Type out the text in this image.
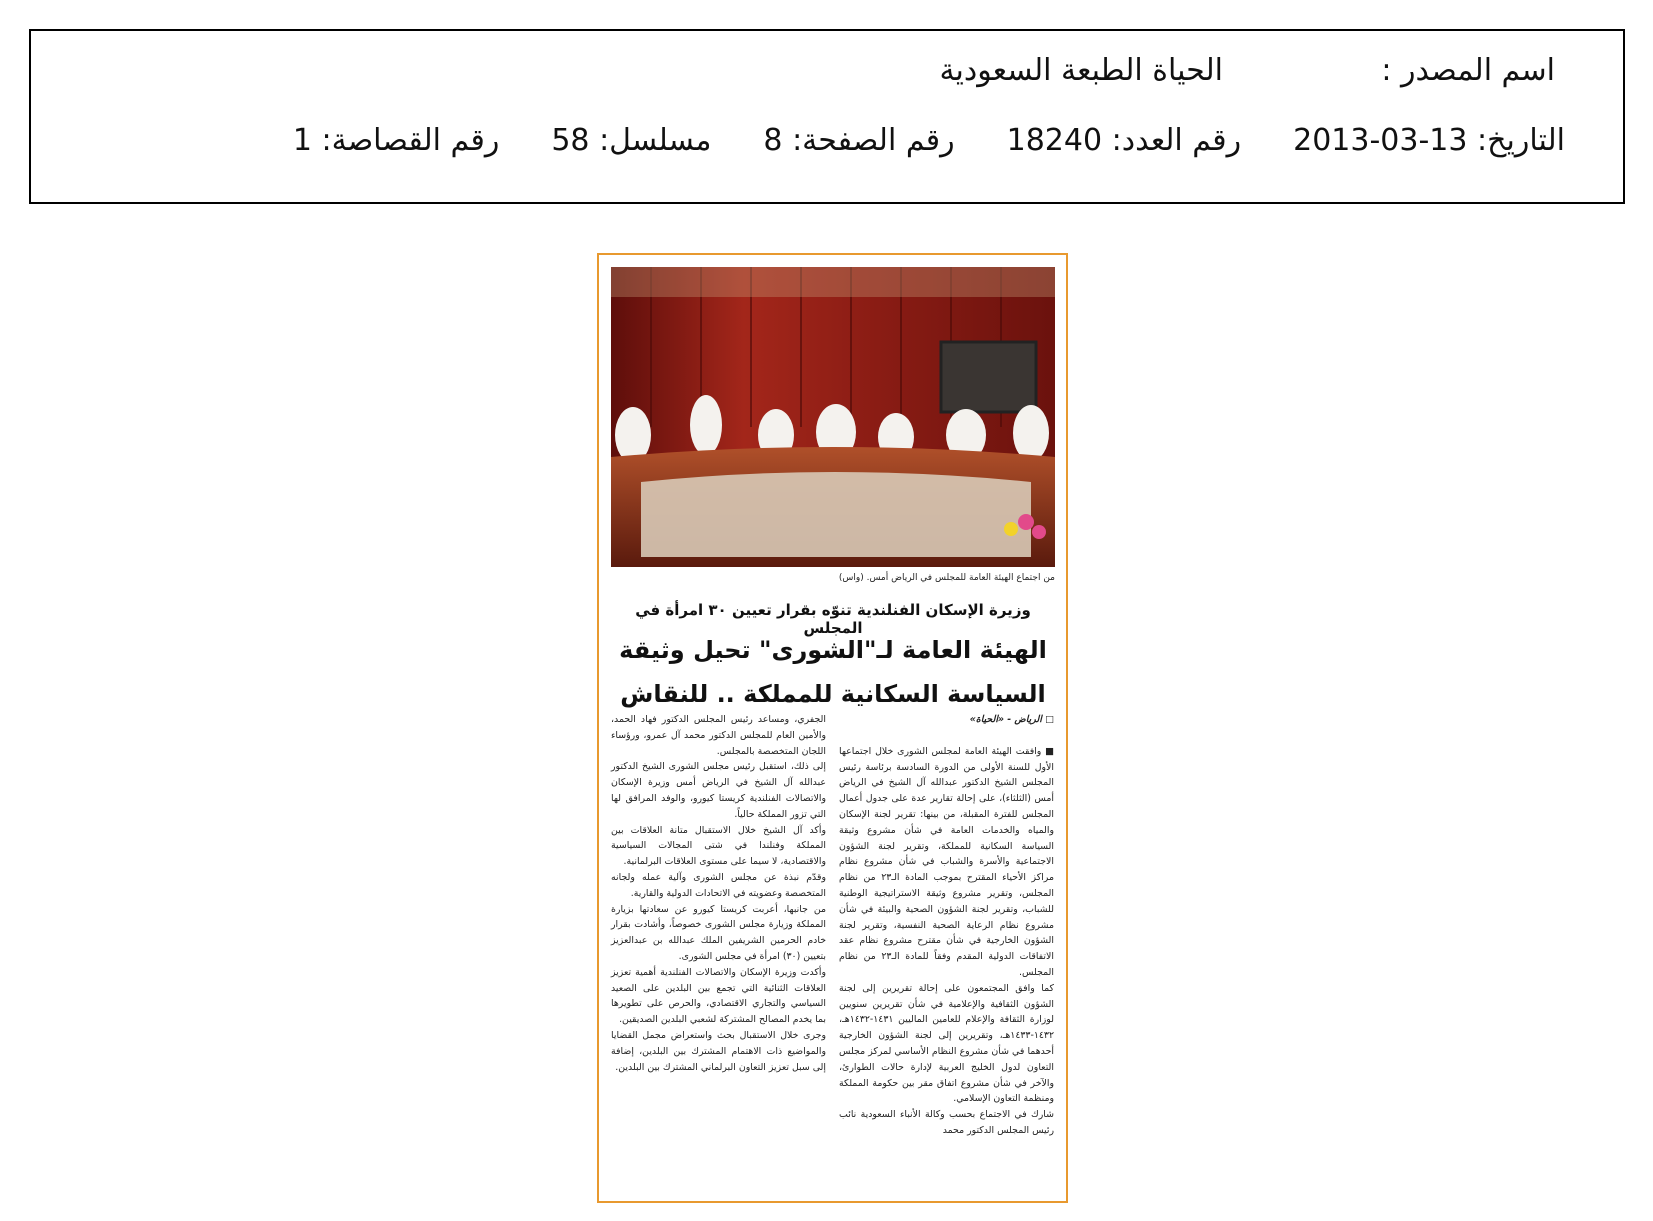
اسم المصدر :
الحياة الطبعة السعودية
التاريخ: 2013-03-13
رقم العدد: 18240
رقم الصفحة: 8
مسلسل: 58
رقم القصاصة: 1
من اجتماع الهيئة العامة للمجلس في الرياض أمس. (واس)
وزيرة الإسكان الفنلندية تنوّه بقرار تعيين ٣٠ امرأة في المجلس
الهيئة العامة لـ"الشورى" تحيل وثيقة
السياسة السكانية للمملكة .. للنقاش

□ الرياض - «الحياة»

■ وافقت الهيئة العامة لمجلس الشورى خلال اجتماعها الأول للسنة الأولى من الدورة السادسة برئاسة رئيس المجلس الشيخ الدكتور عبدالله آل الشيخ في الرياض أمس (الثلثاء)، على إحالة تقارير عدة على جدول أعمال المجلس للفترة المقبلة، من بينها: تقرير لجنة الإسكان والمياه والخدمات العامة في شأن مشروع وثيقة السياسة السكانية للمملكة، وتقرير لجنة الشؤون الاجتماعية والأسرة والشباب في شأن مشروع نظام مراكز الأحياء المقترح بموجب المادة الـ٢٣ من نظام المجلس، وتقرير مشروع وثيقة الاستراتيجية الوطنية للشباب، وتقرير لجنة الشؤون الصحية والبيئة في شأن مشروع نظام الرعاية الصحية النفسية، وتقرير لجنة الشؤون الخارجية في شأن مقترح مشروع نظام عقد الاتفاقات الدولية المقدم وفقاً للمادة الـ٢٣ من نظام المجلس.

كما وافق المجتمعون على إحالة تقريرين إلى لجنة الشؤون الثقافية والإعلامية في شأن تقريرين سنويين لوزارة الثقافة والإعلام للعامين الماليين ١٤٣١-١٤٣٢هـ، ١٤٣٢-١٤٣٣هـ، وتقريرين إلى لجنة الشؤون الخارجية أحدهما في شأن مشروع النظام الأساسي لمركز مجلس التعاون لدول الخليج العربية لإدارة حالات الطوارئ، والآخر في شأن مشروع اتفاق مقر بين حكومة المملكة ومنظمة التعاون الإسلامي.

شارك في الاجتماع بحسب وكالة الأنباء السعودية نائب رئيس المجلس الدكتور محمد

الجفري، ومساعد رئيس المجلس الدكتور فهاد الحمد، والأمين العام للمجلس الدكتور محمد آل عمرو، ورؤساء اللجان المتخصصة بالمجلس.

إلى ذلك، استقبل رئيس مجلس الشورى الشيخ الدكتور عبدالله آل الشيخ في الرياض أمس وزيرة الإسكان والاتصالات الفنلندية كريستا كيورو، والوفد المرافق لها التي تزور المملكة حالياً.

وأكد آل الشيخ خلال الاستقبال متانة العلاقات بين المملكة وفنلندا في شتى المجالات السياسية والاقتصادية، لا سيما على مستوى العلاقات البرلمانية.

وقدّم نبذة عن مجلس الشورى وآلية عمله ولجانه المتخصصة وعضويته في الاتحادات الدولية والقارية.

من جانبها، أعربت كريستا كيورو عن سعادتها بزيارة المملكة وزيارة مجلس الشورى خصوصاً، وأشادت بقرار خادم الحرمين الشريفين الملك عبدالله بن عبدالعزيز بتعيين (٣٠) امرأة في مجلس الشورى.

وأكدت وزيرة الإسكان والاتصالات الفنلندية أهمية تعزيز العلاقات الثنائية التي تجمع بين البلدين على الصعيد السياسي والتجاري الاقتصادي، والحرص على تطويرها بما يخدم المصالح المشتركة لشعبي البلدين الصديقين.

وجرى خلال الاستقبال بحث واستعراض مجمل القضايا والمواضيع ذات الاهتمام المشترك بين البلدين، إضافة إلى سبل تعزيز التعاون البرلماني المشترك بين البلدين.
